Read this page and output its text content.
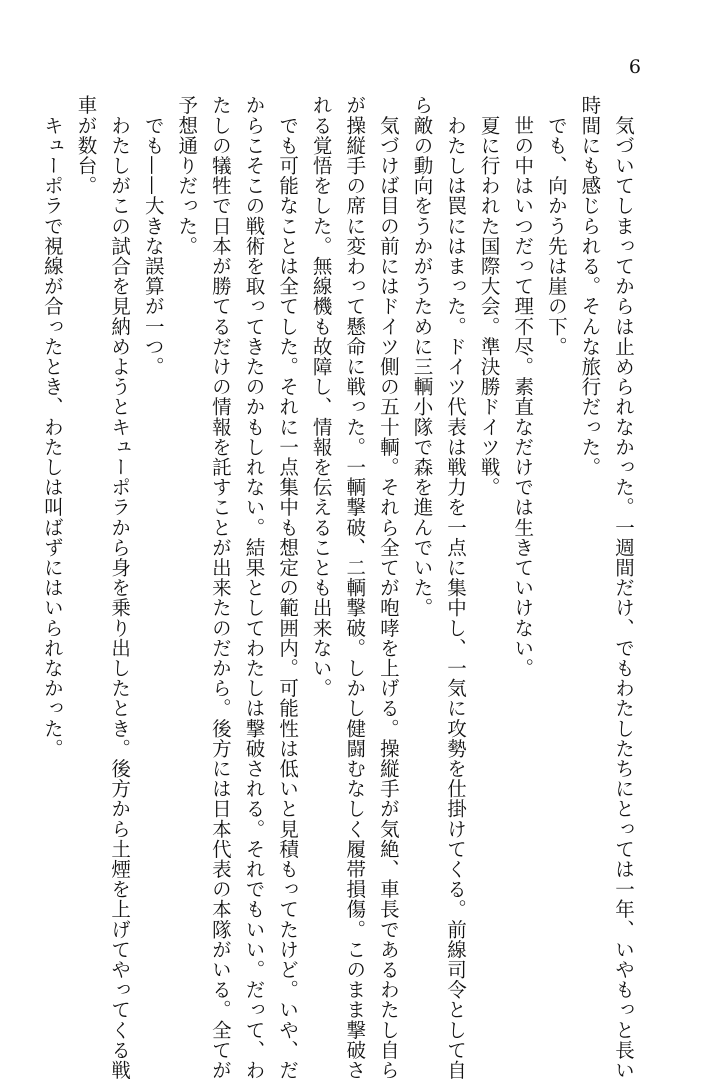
6

　気づいてしまってからは止められなかった。一週間だけ、でもわたしたちにとっては一年、いやもっと長い

時間にも感じられる。そんな旅行だった。

　でも、向かう先は崖の下。

　世の中はいつだって理不尽。素直なだけでは生きていけない。

　夏に行われた国際大会。準決勝ドイツ戦。

　わたしは罠にはまった。ドイツ代表は戦力を一点に集中し、一気に攻勢を仕掛けてくる。前線司令として自

ら敵の動向をうかがうために三輌小隊で森を進んでいた。

　気づけば目の前にはドイツ側の五十輌。それら全てが咆哮を上げる。操縦手が気絶、車長であるわたし自ら

が操縦手の席に変わって懸命に戦った。一輌撃破、二輌撃破。しかし健闘むなしく履帯損傷。このまま撃破さ

れる覚悟をした。無線機も故障し、情報を伝えることも出来ない。

　でも可能なことは全てした。それに一点集中も想定の範囲内。可能性は低いと見積もってたけど。いや、だ

からこそこの戦術を取ってきたのかもしれない。結果としてわたしは撃破される。それでもいい。だって、わ

たしの犠牲で日本が勝てるだけの情報を託すことが出来たのだから。後方には日本代表の本隊がいる。全てが

予想通りだった。

　でも——大きな誤算が一つ。

　わたしがこの試合を見納めようとキューポラから身を乗り出したとき。後方から土煙を上げてやってくる戦

車が数台。

　キューポラで視線が合ったとき、わたしは叫ばずにはいられなかった。
